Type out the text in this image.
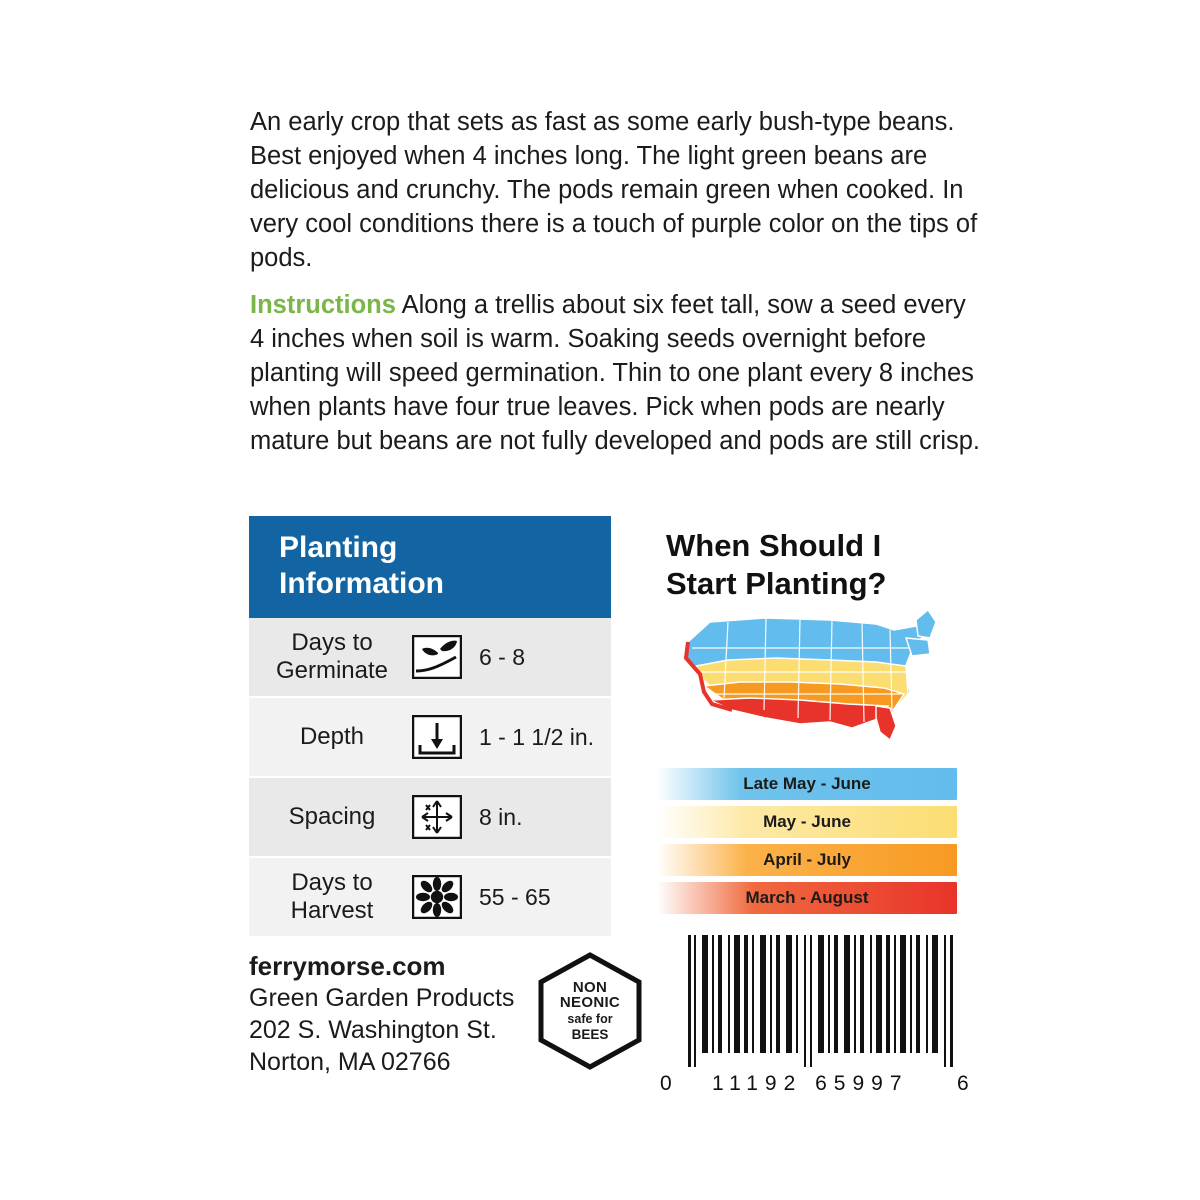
An early crop that sets as fast as some early bush-type beans. Best enjoyed when 4 inches long. The light green beans are delicious and crunchy. The pods remain green when cooked. In very cool conditions there is a touch of purple color on the tips of pods.
Instructions Along a trellis about six feet tall, sow a seed every 4 inches when soil is warm. Soaking seeds overnight before planting will speed germination. Thin to one plant every 8 inches when plants have four true leaves. Pick when pods are nearly mature but beans are not fully developed and pods are still crisp.
Planting
Information
Days to
Germinate
6 - 8
Depth	1 - 1 1/2 in.
Spacing	8 in.
Days to
Harvest
55 - 65
ferrymorse.com
Green Garden Products
202 S. Washington St.
Norton, MA 02766
NON
NEONIC
safe for
BEES
When Should I
Start Planting?
Late May - June
May - June
April - July
March - August
0 11192 65997 6
